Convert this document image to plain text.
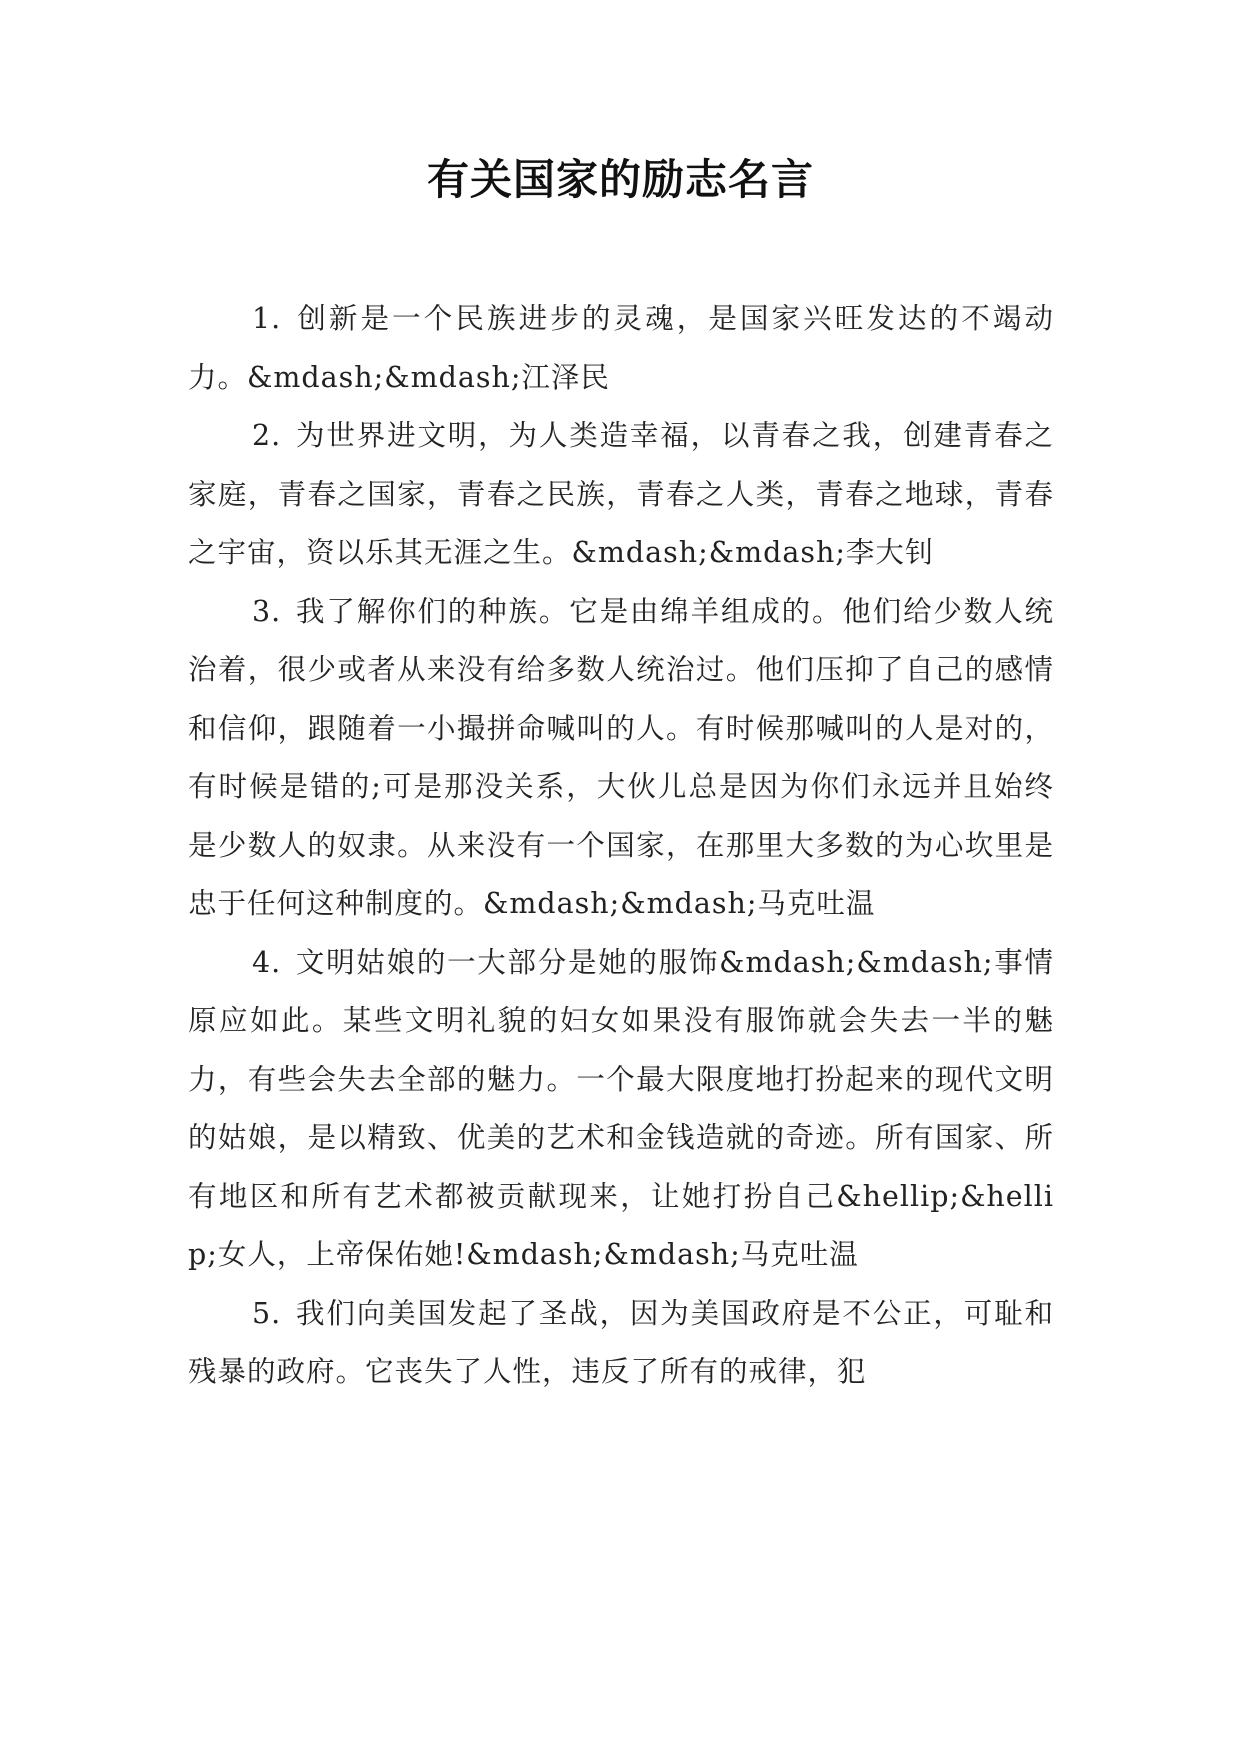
有关国家的励志名言

1. 创新是一个民族进步的灵魂，是国家兴旺发达的不竭动力。&mdash;&mdash;江泽民

2. 为世界进文明，为人类造幸福，以青春之我，创建青春之家庭，青春之国家，青春之民族，青春之人类，青春之地球，青春之宇宙，资以乐其无涯之生。&mdash;&mdash;李大钊

3. 我了解你们的种族。它是由绵羊组成的。他们给少数人统治着，很少或者从来没有给多数人统治过。他们压抑了自己的感情和信仰，跟随着一小撮拼命喊叫的人。有时候那喊叫的人是对的，有时候是错的;可是那没关系，大伙儿总是因为你们永远并且始终是少数人的奴隶。从来没有一个国家，在那里大多数的为心坎里是忠于任何这种制度的。&mdash;&mdash;马克吐温

4. 文明姑娘的一大部分是她的服饰&mdash;&mdash;事情原应如此。某些文明礼貌的妇女如果没有服饰就会失去一半的魅力，有些会失去全部的魅力。一个最大限度地打扮起来的现代文明的姑娘，是以精致、优美的艺术和金钱造就的奇迹。所有国家、所有地区和所有艺术都被贡献现来，让她打扮自己&hellip;&hellip;女人，上帝保佑她!&mdash;&mdash;马克吐温

5. 我们向美国发起了圣战，因为美国政府是不公正，可耻和残暴的政府。它丧失了人性，违反了所有的戒律，犯
